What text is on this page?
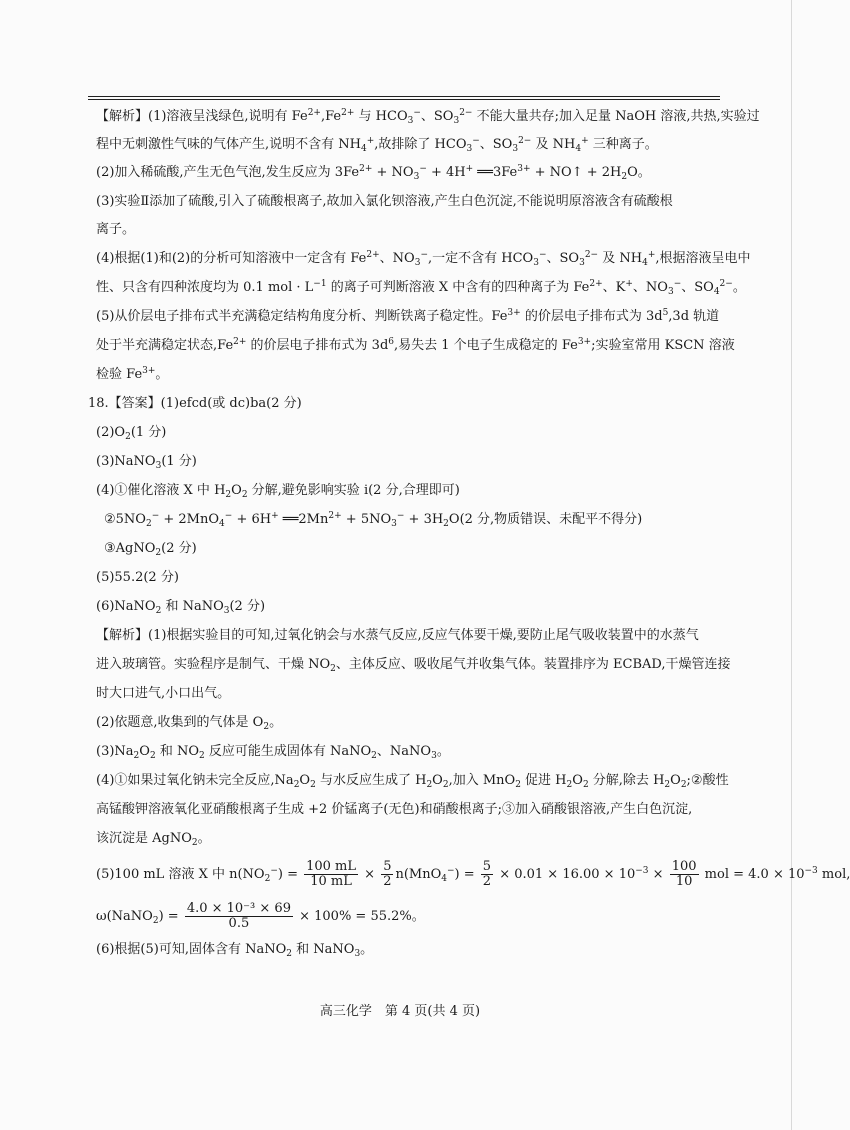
【解析】(1)溶液呈浅绿色,说明有 $Fe^{2+},Fe^{2+}$ 与 $HCO_3^-$、$SO_3^{2-}$ 不能大量共存;加入足量 NaOH 溶液,共热,实验过
程中无刺激性气味的气体产生,说明不含有 $NH_4^+$,故排除了 $HCO_3^-$、$SO_3^{2-}$ 及 $NH_4^+$ 三种离子。
(2)加入稀硫酸,产生无色气泡,发生反应为 $3Fe^{2+} + NO_3^- + 4H^+$ $══3Fe^{3+}$ + NO↑ + $2H_2O$。
(3)实验Ⅱ添加了硫酸,引入了硫酸根离子,故加入氯化钡溶液,产生白色沉淀,不能说明原溶液含有硫酸根
离子。
(4)根据(1)和(2)的分析可知溶液中一定含有 $Fe^{2+}$、$NO_3^-$,一定不含有 $HCO_3^-$、$SO_3^{2-}$ 及 $NH_4^+$,根据溶液呈电中
性、只含有四种浓度均为 0.1 mol · $L^{-1}$ 的离子可判断溶液 X 中含有的四种离子为 $Fe^{2+}$、K+、$NO_3^-$、$SO_4^{2-}$。
(5)从价层电子排布式半充满稳定结构角度分析、判断铁离子稳定性。$Fe^{3+}$ 的价层电子排布式为 $3d^5,3d$ 轨道
处于半充满稳定状态$,Fe^{2+}$ 的价层电子排布式为 $3d^6$,易失去 1 个电子生成稳定的 $Fe^{3+}$;实验室常用 KSCN 溶液
检验 $Fe^{3+}$。
18.【答案】(1)efcd(或 dc)ba(2 分)
$(2)O_2(1$ 分)
(3)NaNO$_3$(1 分)
(4)①催化溶液 X 中 $H_2O_2$ 分解,避免影响实验 i(2 分,合理即可)
$②5NO_2^- + 2MnO_4^- + 6H^+$ $══2Mn^{2+} + 5NO_3^- + 3H_2O(2$ 分,物质错误、未配平不得分)
③AgNO$_2$(2 分)
(5)55.2(2 分)
(6)NaNO$_2$ 和 NaNO$_3$(2 分)
【解析】(1)根据实验目的可知,过氧化钠会与水蒸气反应,反应气体要干燥,要防止尾气吸收装置中的水蒸气
进入玻璃管。实验程序是制气、干燥 $NO_2$、主体反应、吸收尾气并收集气体。装置排序为 ECBAD,干燥管连接
时大口进气,小口出气。
(2)依题意,收集到的气体是 $O_2$。
$(3)Na_2O_2$ 和 $NO_2$ 反应可能生成固体有 NaNO$_2$、NaNO$_3$。
(4)①如果过氧化钠未完全反应$,Na_2O_2$ 与水反应生成了 $H_2O_2$,加入 MnO$_2$ 促进 $H_2O_2$ 分解,除去 $H_2O_2;②$酸性
高锰酸钾溶液氧化亚硝酸根离子生成 +2 价锰离子(无色)和硝酸根离子;③加入硝酸银溶液,产生白色沉淀,
该沉淀是 AgNO$_2$。
(5)100 mL 溶液 X 中 $n(NO_2^-) = \frac{100 mL}{10 mL} \times \frac{5}{2} n(MnO_4^-) = \frac{5}{2} \times 0.01 \times 16.00 \times 10^{-3} \times \frac{100}{10}$ mol = $4.0 \times 10^{-3}$ mol,
ω(NaNO$_2$) = $\frac{\text{4.0 × 10⁻³ × 69}}{0.5} \times 100\% = 55.2\%$。
(6)根据(5)可知,固体含有 NaNO$_2$ 和 NaNO$_3$。
高三化学　第 4 页(共 4 页)
